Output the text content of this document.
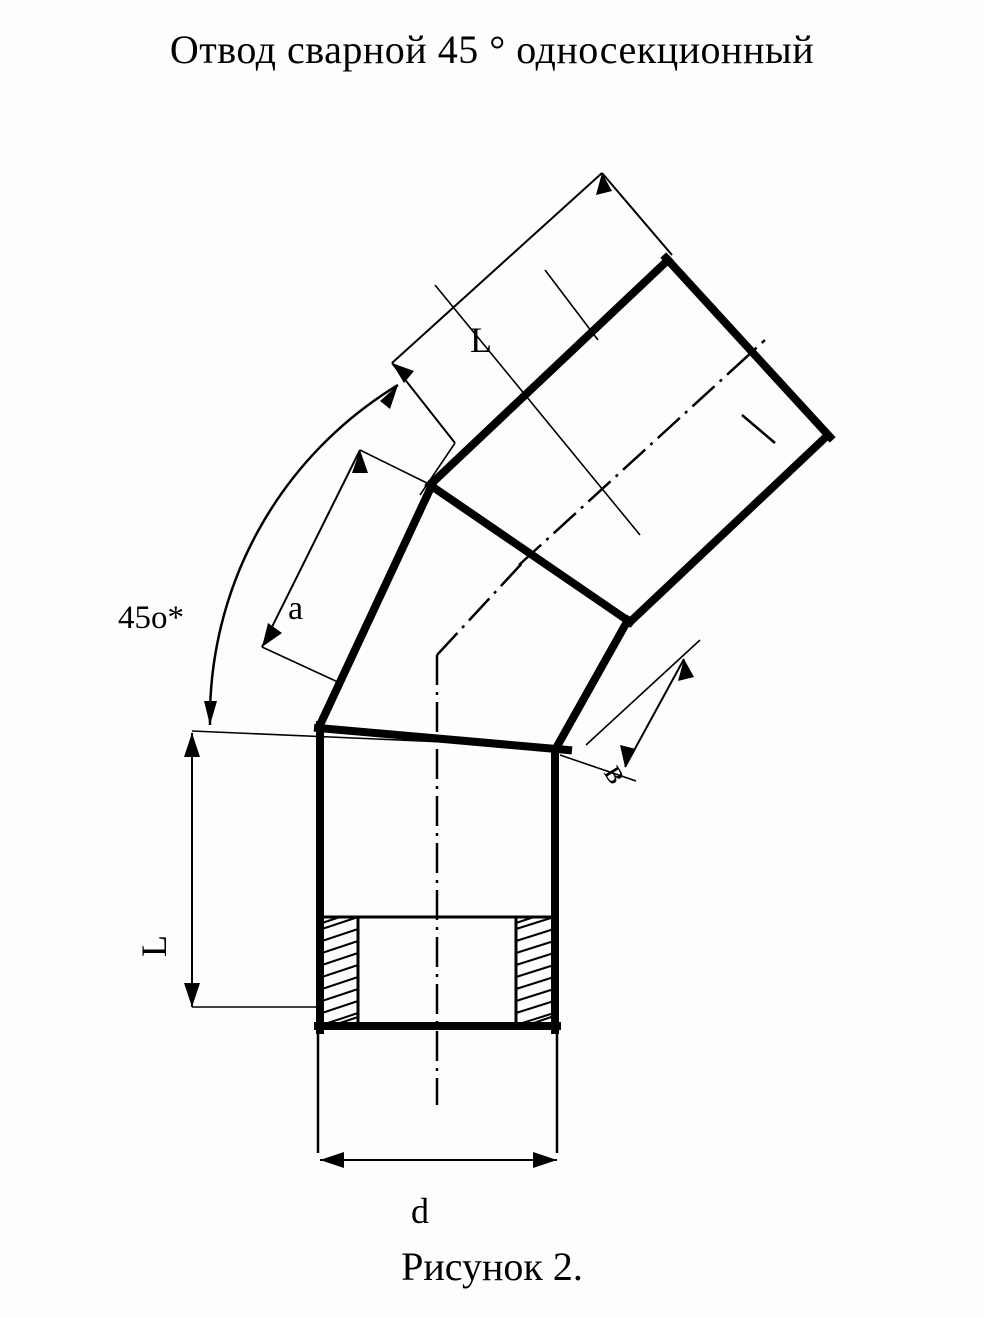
Отвод сварной 45 ° односекционный
45о*
L
a
в
L
d
Рисунок 2.
